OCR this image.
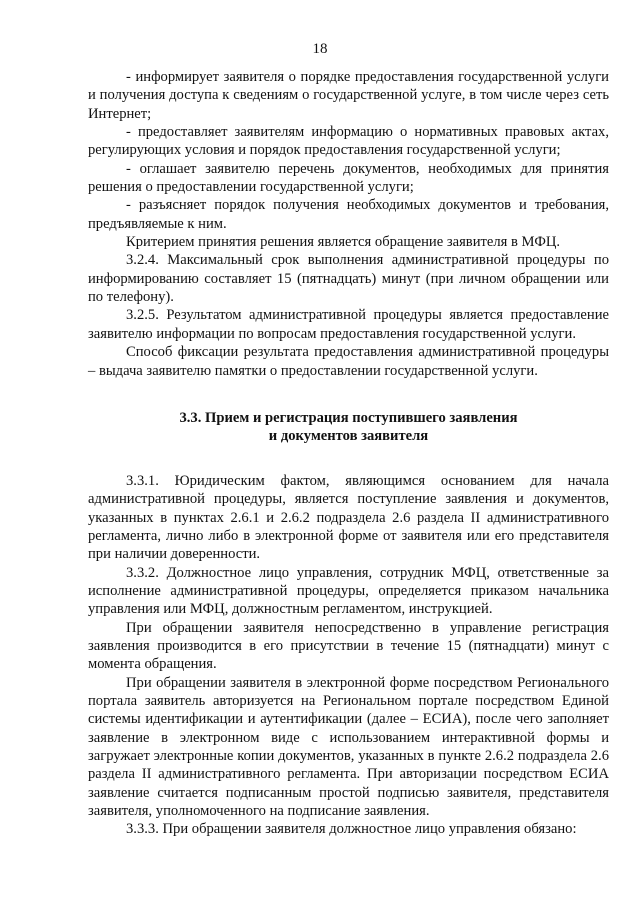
18

- информирует заявителя о порядке предоставления государственной услуги и получения доступа к сведениям о государственной услуге, в том числе через сеть Интернет;

- предоставляет заявителям информацию о нормативных правовых актах, регулирующих условия и порядок предоставления государственной услуги;

- оглашает заявителю перечень документов, необходимых для принятия решения о предоставлении государственной услуги;

- разъясняет порядок получения необходимых документов и требования, предъявляемые к ним.

Критерием принятия решения является обращение заявителя в МФЦ.

3.2.4. Максимальный срок выполнения административной процедуры по информированию составляет 15 (пятнадцать) минут (при личном обращении или по телефону).

3.2.5. Результатом административной процедуры является предоставление заявителю информации по вопросам предоставления государственной услуги.

Способ фиксации результата предоставления административной процедуры – выдача заявителю памятки о предоставлении государственной услуги.

3.3. Прием и регистрация поступившего заявления
и документов заявителя

3.3.1. Юридическим фактом, являющимся основанием для начала административной процедуры, является поступление заявления и документов, указанных в пунктах 2.6.1 и 2.6.2 подраздела 2.6 раздела II административного регламента, лично либо в электронной форме от заявителя или его представителя при наличии доверенности.

3.3.2. Должностное лицо управления, сотрудник МФЦ, ответственные за исполнение административной процедуры, определяется приказом начальника управления или МФЦ, должностным регламентом, инструкцией.

При обращении заявителя непосредственно в управление регистрация заявления производится в его присутствии в течение 15 (пятнадцати) минут с момента обращения.

При обращении заявителя в электронной форме посредством Регионального портала заявитель авторизуется на Региональном портале посредством Единой системы идентификации и аутентификации (далее – ЕСИА), после чего заполняет заявление в электронном виде с использованием интерактивной формы и загружает электронные копии документов, указанных в пункте 2.6.2 подраздела 2.6 раздела II административного регламента. При авторизации посредством ЕСИА заявление считается подписанным простой подписью заявителя, представителя заявителя, уполномоченного на подписание заявления.

3.3.3. При обращении заявителя должностное лицо управления обязано:
